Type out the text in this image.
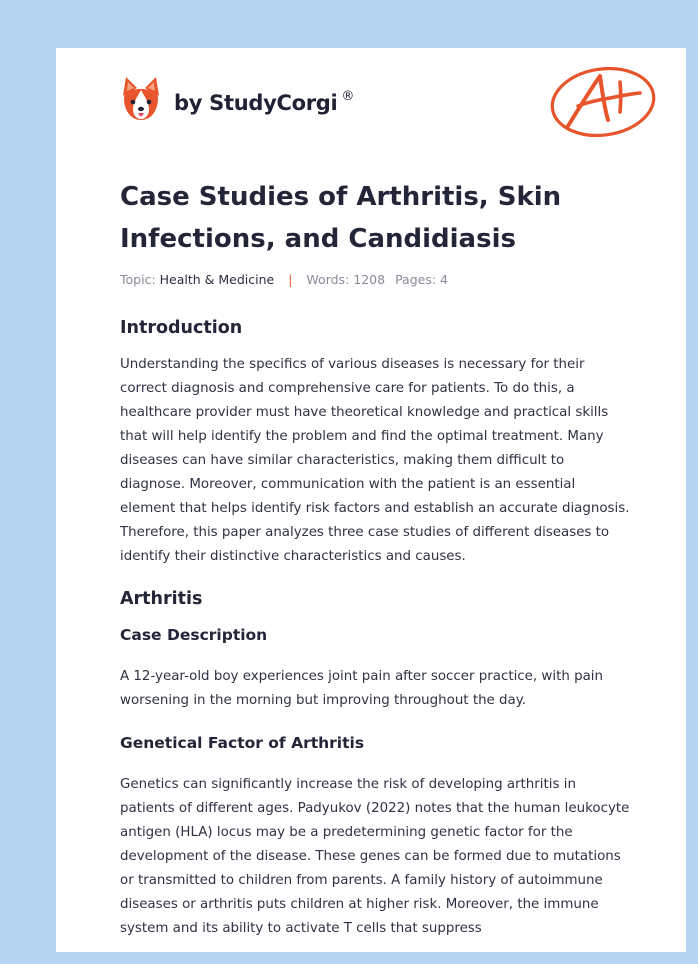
by StudyCorgi ®
Case Studies of Arthritis, Skin Infections, and Candidiasis
Topic: Health & Medicine | Words: 1208 Pages: 4
Introduction

Understanding the specifics of various diseases is necessary for their correct diagnosis and comprehensive care for patients. To do this, a healthcare provider must have theoretical knowledge and practical skills that will help identify the problem and find the optimal treatment. Many diseases can have similar characteristics, making them difficult to diagnose. Moreover, communication with the patient is an essential element that helps identify risk factors and establish an accurate diagnosis. Therefore, this paper analyzes three case studies of different diseases to identify their distinctive characteristics and causes.

Arthritis
Case Description

A 12-year-old boy experiences joint pain after soccer practice, with pain worsening in the morning but improving throughout the day.

Genetical Factor of Arthritis

Genetics can significantly increase the risk of developing arthritis in patients of different ages. Padyukov (2022) notes that the human leukocyte antigen (HLA) locus may be a predetermining genetic factor for the development of the disease. These genes can be formed due to mutations or transmitted to children from parents. A family history of autoimmune diseases or arthritis puts children at higher risk. Moreover, the immune system and its ability to activate T cells that suppress
